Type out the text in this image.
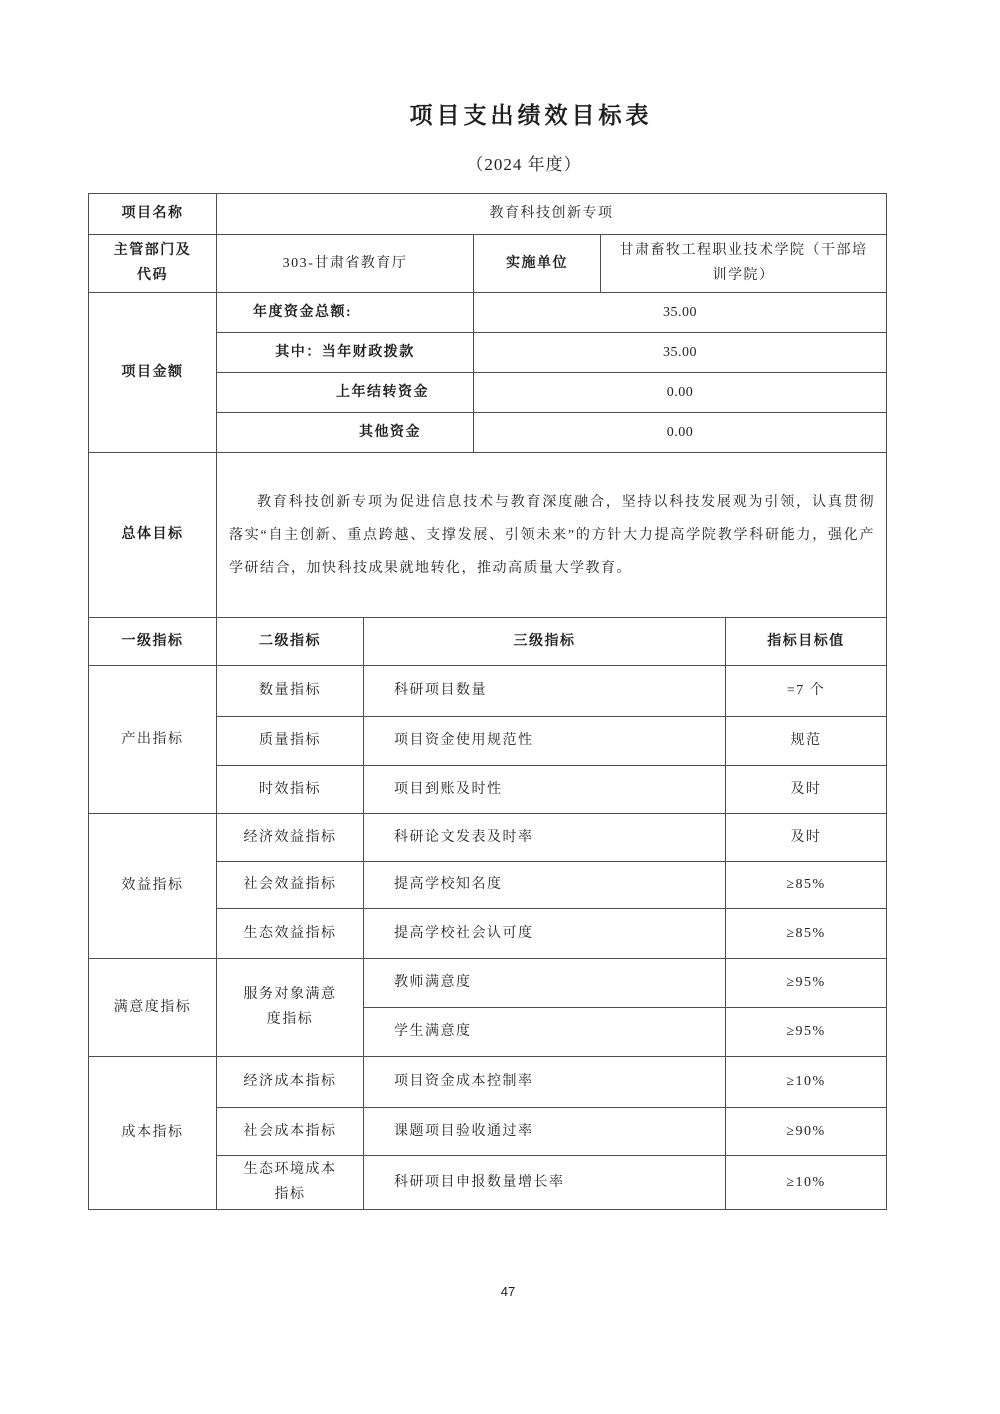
项目支出绩效目标表
（2024 年度）
项目名称	教育科技创新专项				
主管部门及代码	303-甘肃省教育厅		实施单位	甘肃畜牧工程职业技术学院（干部培训学院）	
项目金额	年度资金总额:		35.00		
	其中：当年财政拨款		35.00		
	上年结转资金		0.00		
	其他资金		0.00		
总体目标	教育科技创新专项为促进信息技术与教育深度融合，坚持以科技发展观为引领，认真贯彻落实“自主创新、重点跨越、支撑发展、引领未来”的方针大力提高学院教学科研能力，强化产学研结合，加快科技成果就地转化，推动高质量大学教育。				
一级指标	二级指标	三级指标			指标目标值
产出指标	数量指标	科研项目数量			=7 个
	质量指标	项目资金使用规范性			规范
	时效指标	项目到账及时性			及时
效益指标	经济效益指标	科研论文发表及时率			及时
	社会效益指标	提高学校知名度			≥85%
	生态效益指标	提高学校社会认可度			≥85%
满意度指标	服务对象满意度指标	教师满意度			≥95%
		学生满意度			≥95%
成本指标	经济成本指标	项目资金成本控制率			≥10%
	社会成本指标	课题项目验收通过率			≥90%
	生态环境成本指标	科研项目申报数量增长率			≥10%
47
